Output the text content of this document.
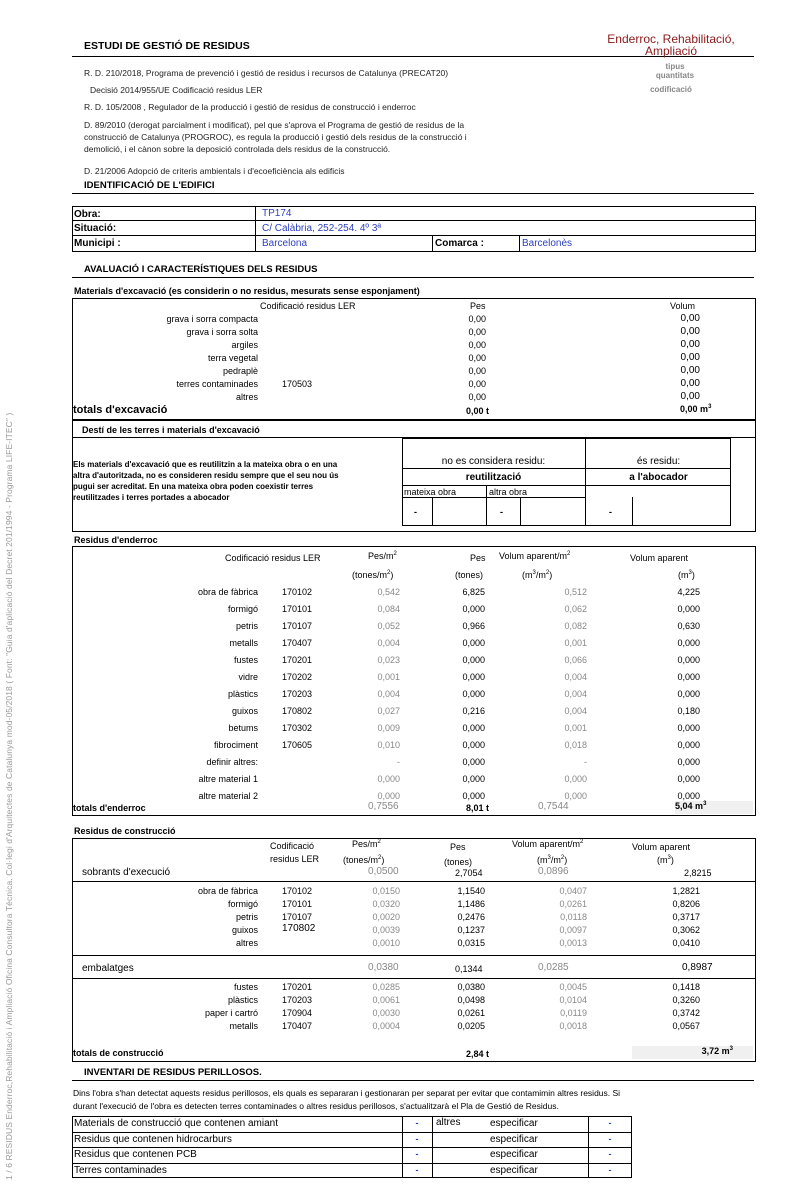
1 / 6 RESIDUS Enderroc,Rehabilitació i Ampliació Oficina Consultora Tècnica. Col·legi d'Arquitectes de Catalunya mod-05/2018 ( Font: "Guia d'aplicació del Decret 201/1994 - Programa LIFE-ITEC" )
ESTUDI DE GESTIÓ DE RESIDUS	Enderroc, Rehabilitació,
Ampliació
tipus
quantitats
codificació
R. D. 210/2018, Programa de prevenció i gestió de residus i recursos de Catalunya (PRECAT20)
Decisió 2014/955/UE Codificació residus LER
R. D. 105/2008 , Regulador de la producció i gestió de residus de construcció i enderroc
D. 89/2010 (derogat parcialment i modificat), pel que s'aprova el Programa de gestió de residus de la
construcció de Catalunya (PROGROC), es regula la producció i gestió dels residus de la construcció i
demolició, i el cànon sobre la deposició controlada dels residus de la construcció.
D. 21/2006 Adopció de criteris ambientals i d'ecoeficiència als edificis
IDENTIFICACIÓ DE L'EDIFICI
Obra:	TP174
Situació:	C/ Calàbria, 252-254. 4º 3ª
Municipi :	Barcelona	Comarca :	Barcelonès
AVALUACIÓ I CARACTERÍSTIQUES DELS RESIDUS
Materials d'excavació (es considerin o no residus, mesurats sense esponjament)
Codificació residus LER	Pes	Volum
grava i sorra compacta	0,00	0,00
grava i sorra solta	0,00	0,00
argiles	0,00	0,00
terra vegetal	0,00	0,00
pedraplè	0,00	0,00
terres contaminades	170503	0,00	0,00
altres	0,00	0,00
totals d'excavació	0,00 t	0,00 $m^3$
Destí de les terres i materials d'excavació
Els materials d'excavació que es reutilitzin a la mateixa obra o en una
altra d'autoritzada, no es consideren residu sempre que el seu nou ús
pugui ser acreditat. En una mateixa obra poden coexistir terres
reutilitzades i terres portades a abocador
no es considera residu:	és residu:
reutilització	a l'abocador
mateixa obra	altra obra
-	-	-
Residus d'enderroc
Codificació residus LER	Pes/$m^2$
$(tones/m^2)$
Pes
(tones)
Volum aparent/$m^2$
$(m^3/m^2)$
Volum aparent
$(m^3)$
obra de fàbrica	170102	0,542	6,825	0,512	4,225
formigó	170101	0,084	0,000	0,062	0,000
petris	170107	0,052	0,966	0,082	0,630
metalls	170407	0,004	0,000	0,001	0,000
fustes	170201	0,023	0,000	0,066	0,000
vidre	170202	0,001	0,000	0,004	0,000
plàstics	170203	0,004	0,000	0,004	0,000
guixos	170802	0,027	0,216	0,004	0,180
betums	170302	0,009	0,000	0,001	0,000
fibrociment	170605	0,010	0,000	0,018	0,000
definir altres:	-	0,000	-	0,000
altre material 1	0,000	0,000	0,000	0,000
altre material 2	0,000	0,000	0,000	0,000
totals d'enderroc	0,7556	8,01 t	0,7544	5,04 $m^3$
Residus de construcció
Codificació
residus LER
Pes/$m^2$
$(tones/m^2)$
Pes
(tones)
Volum aparent/$m^2$
$(m^3/m^2)$
Volum aparent
$(m^3)$
sobrants d'execució	0,0500	2,7054	0,0896	2,8215
obra de fàbrica	170102	0,0150	1,1540	0,0407	1,2821
formigó	170101	0,0320	1,1486	0,0261	0,8206
petris	170107	0,0020	0,2476	0,0118	0,3717
guixos 170802	0,0039	0,1237	0,0097	0,3062
altres	0,0010	0,0315	0,0013	0,0410
embalatges	0,0380	0,1344	0,0285	0,8987
fustes	170201	0,0285	0,0380	0,0045	0,1418
plàstics	170203	0,0061	0,0498	0,0104	0,3260
paper i cartró	170904	0,0030	0,0261	0,0119	0,3742
metalls	170407	0,0004	0,0205	0,0018	0,0567
totals de construcció	2,84 t	3,72 $m^3$
INVENTARI DE RESIDUS PERILLOSOS.
Dins l'obra s'han detectat aquests residus perillosos, els quals es separaran i gestionaran per separat per evitar que contamimin altres residus. Si
durant l'execució de l'obra es detecten terres contaminades o altres residus perillosos, s'actualitzarà el Pla de Gestió de Residus.
Materials de construcció que contenen amiant	-	altres	especificar	-
Residus que contenen hidrocarburs	-	especificar	-
Residus que contenen PCB	-	especificar	-
Terres contaminades	-	especificar	-
